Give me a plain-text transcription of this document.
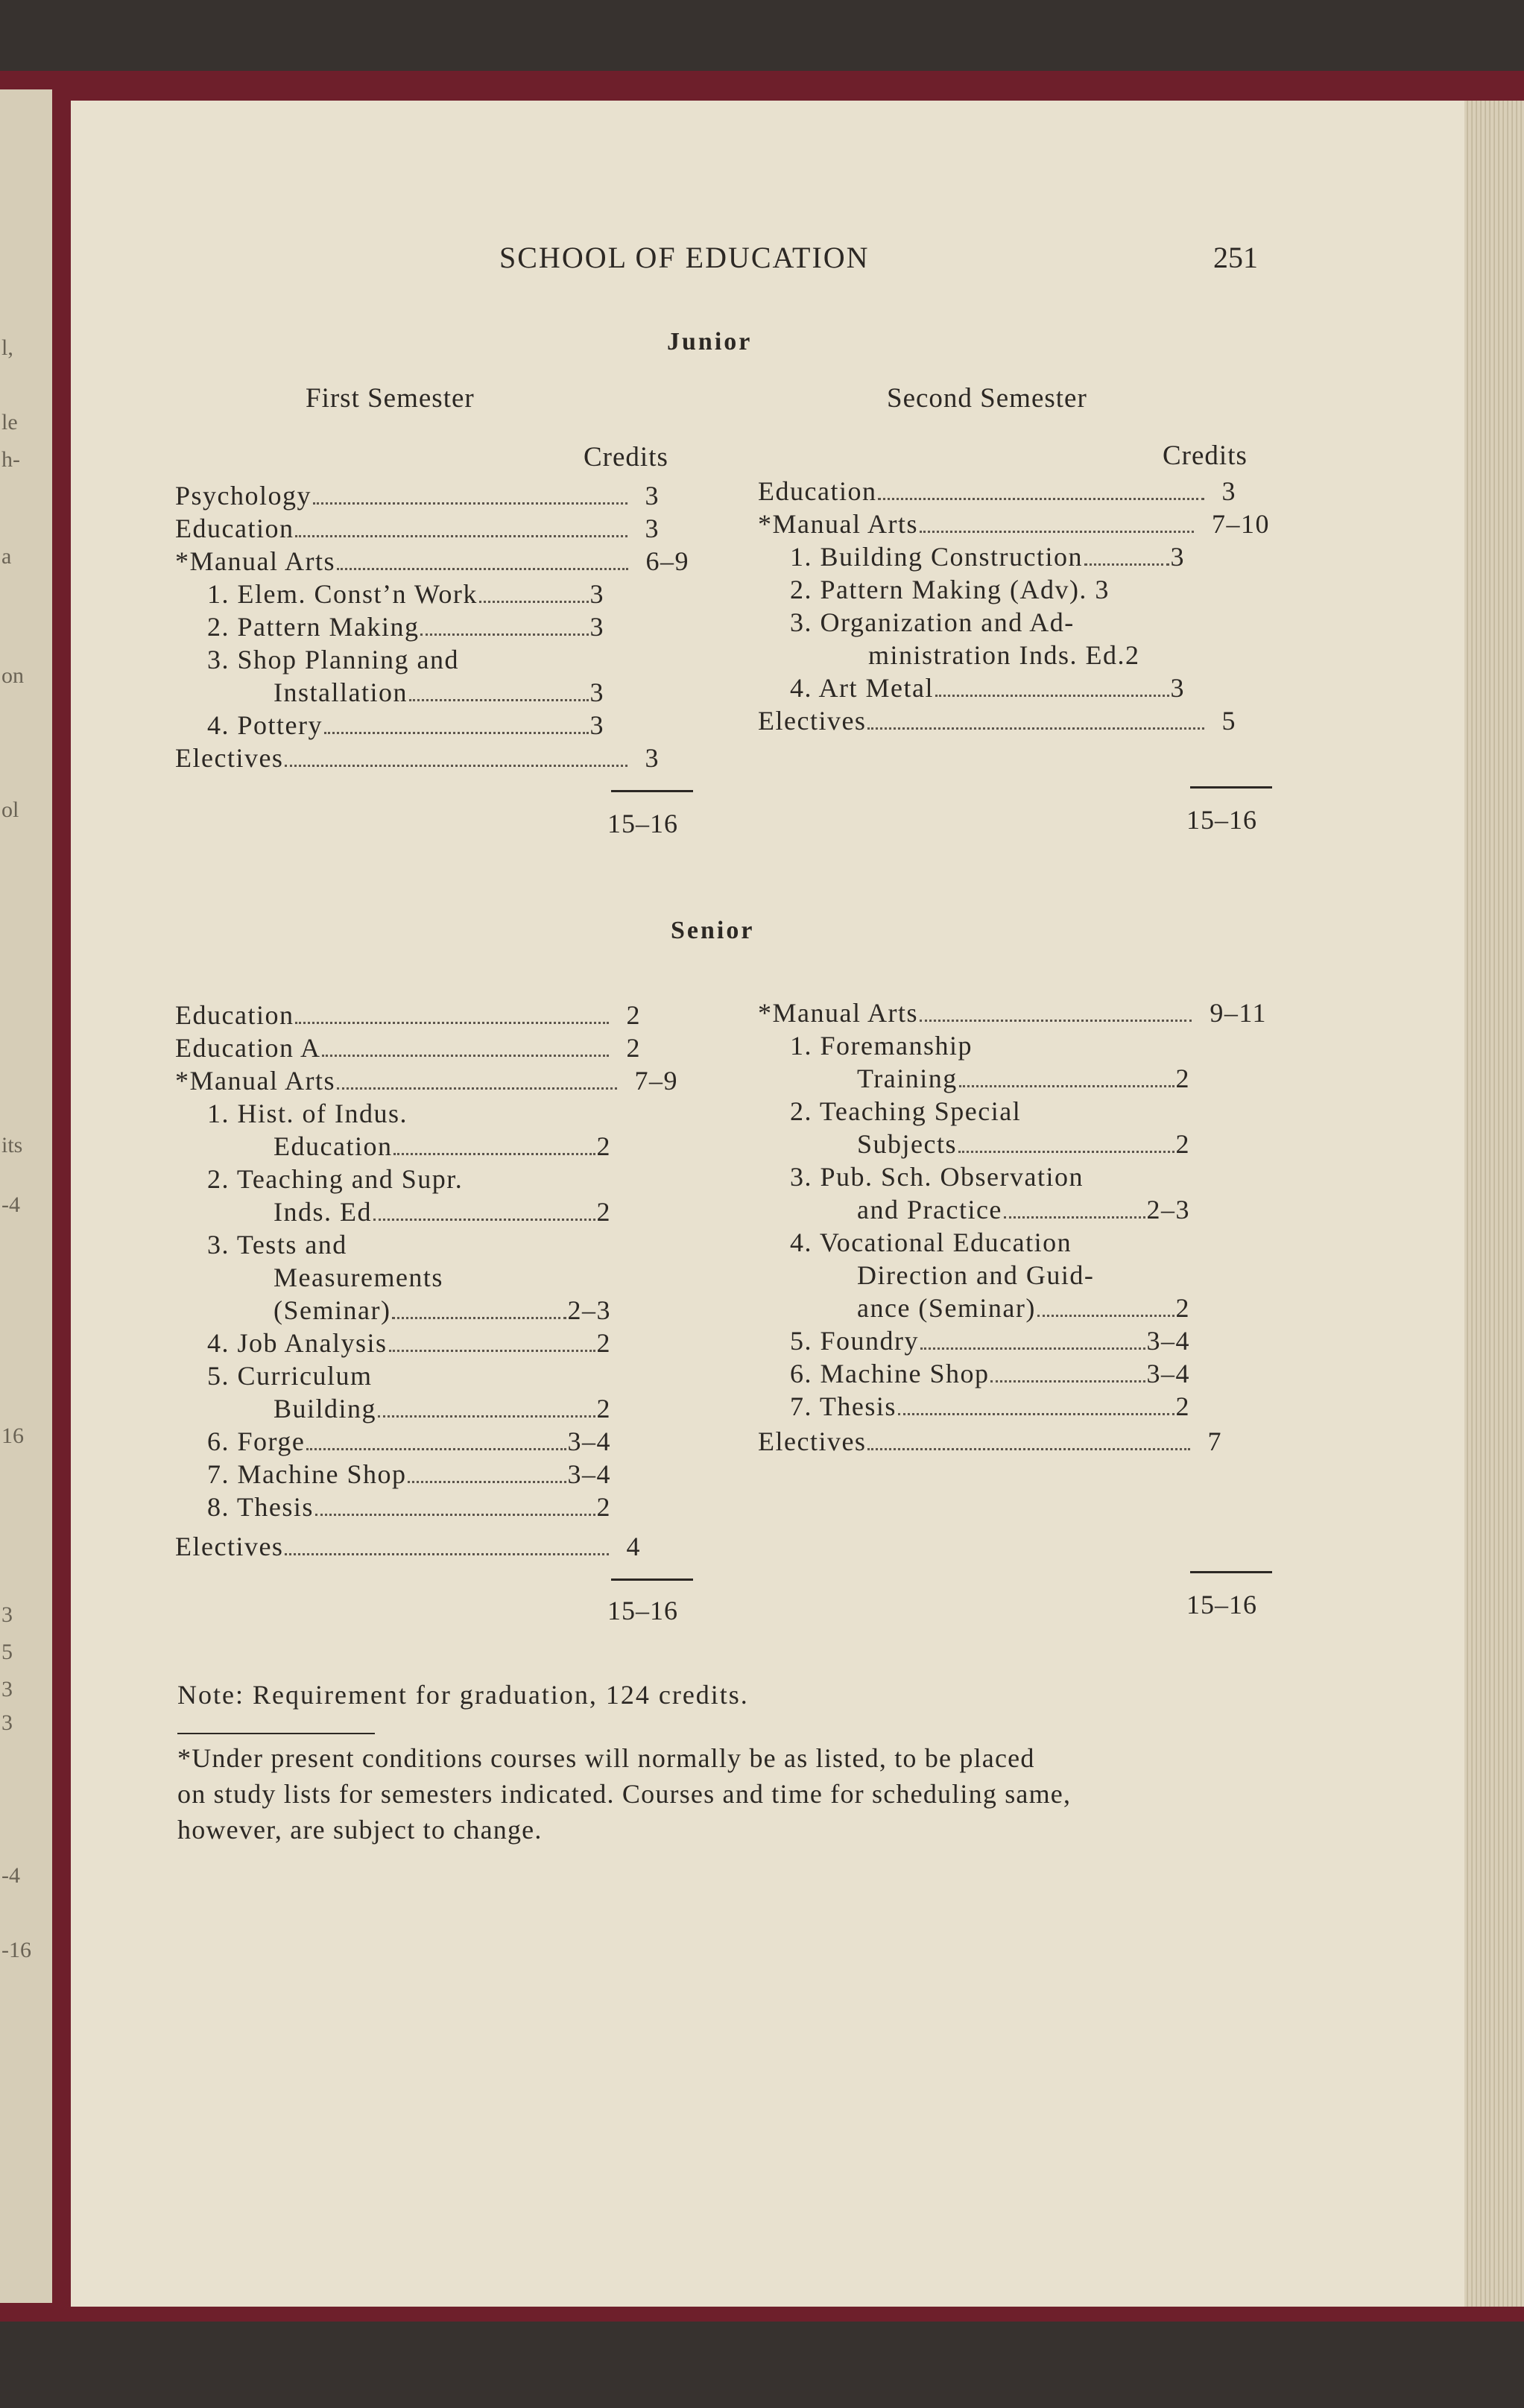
l,
le
h-
a
on
ol
its
-4
16
3
5
3
3
-4
-16
SCHOOL OF EDUCATION	251
Junior
First Semester	Second Semester
Credits	Credits
Psychology	3
Education	3
*Manual Arts	6–9
1. Elem. Const’n Work	3
2. Pattern Making	3
3. Shop Planning and
Installation	3
4. Pottery	3
Electives	3
15–16
Education	3
*Manual Arts	7–10
1. Building Construction	3
2. Pattern Making (Adv). 3
3. Organization and Ad-
ministration Inds. Ed.2
4. Art Metal	3
Electives	5
15–16
Senior
Education	2
Education A	2
*Manual Arts	7–9
1. Hist. of Indus.
Education	2
2. Teaching and Supr.
Inds. Ed	2
3. Tests and
Measurements
(Seminar)	2–3
4. Job Analysis	2
5. Curriculum
Building	2
6. Forge	3–4
7. Machine Shop	3–4
8. Thesis	2
Electives	4
15–16
*Manual Arts	9–11
1. Foremanship
Training	2
2. Teaching Special
Subjects	2
3. Pub. Sch. Observation
and Practice	2–3
4. Vocational Education
Direction and Guid-
ance (Seminar)	2
5. Foundry	3–4
6. Machine Shop	3–4
7. Thesis	2
Electives	7
15–16
Note: Requirement for graduation, 124 credits.
*Under present conditions courses will normally be as listed, to be placed
on study lists for semesters indicated. Courses and time for scheduling same,
however, are subject to change.
